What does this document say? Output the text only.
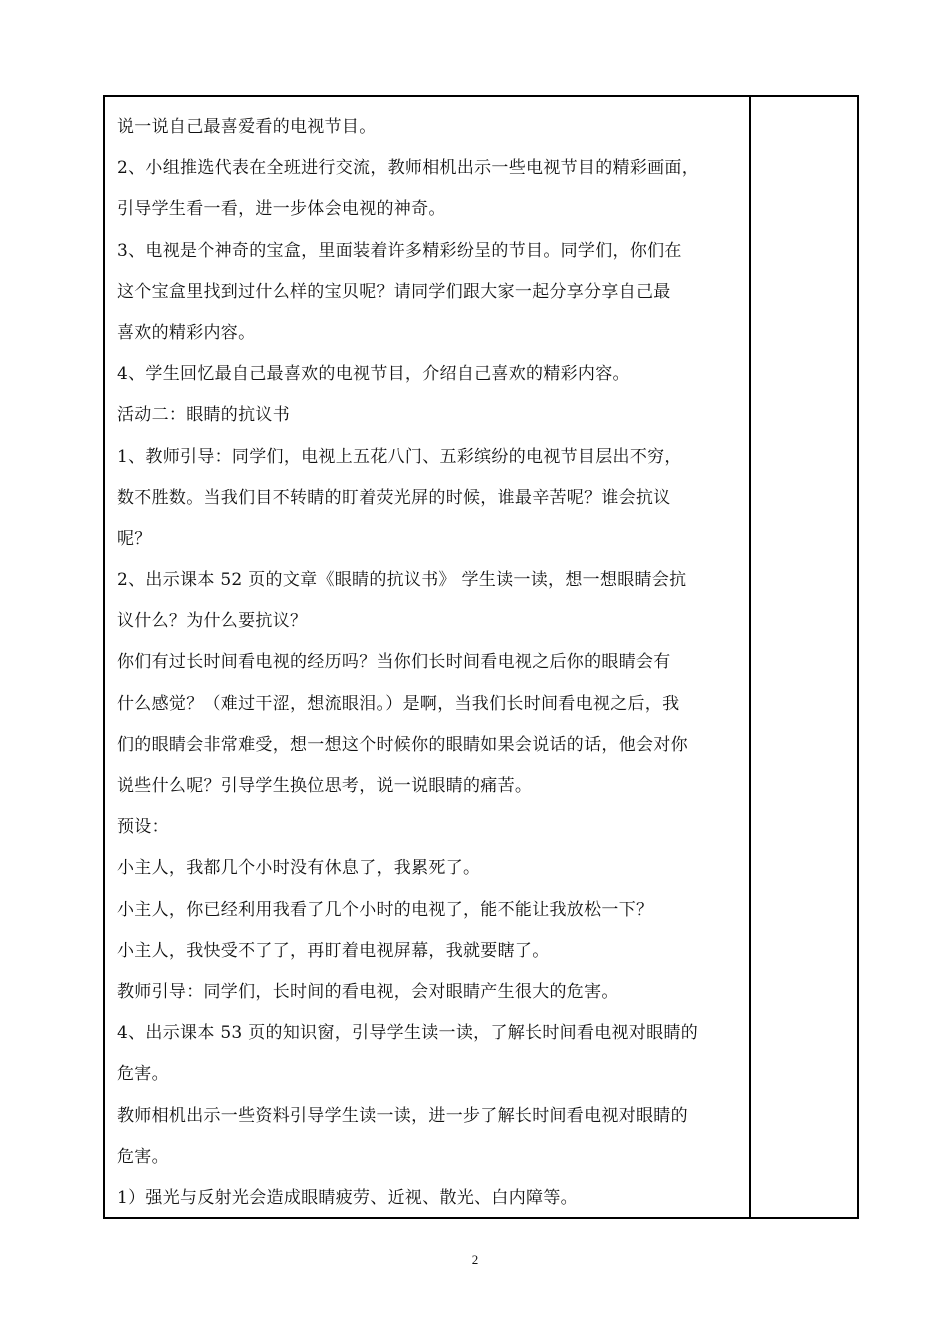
说一说自己最喜爱看的电视节目。
2、小组推选代表在全班进行交流，教师相机出示一些电视节目的精彩画面，
引导学生看一看，进一步体会电视的神奇。
3、电视是个神奇的宝盒，里面装着许多精彩纷呈的节目。同学们，你们在
这个宝盒里找到过什么样的宝贝呢？请同学们跟大家一起分享分享自己最
喜欢的精彩内容。
4、学生回忆最自己最喜欢的电视节目，介绍自己喜欢的精彩内容。
活动二：眼睛的抗议书
1、教师引导：同学们，电视上五花八门、五彩缤纷的电视节目层出不穷，
数不胜数。当我们目不转睛的盯着荧光屏的时候，谁最辛苦呢？谁会抗议
呢？
2、出示课本 52 页的文章《眼睛的抗议书》 学生读一读，想一想眼睛会抗
议什么？为什么要抗议？
你们有过长时间看电视的经历吗？当你们长时间看电视之后你的眼睛会有
什么感觉？（难过干涩，想流眼泪。）是啊，当我们长时间看电视之后，我
们的眼睛会非常难受，想一想这个时候你的眼睛如果会说话的话，他会对你
说些什么呢？引导学生换位思考，说一说眼睛的痛苦。
预设：
小主人，我都几个小时没有休息了，我累死了。
小主人，你已经利用我看了几个小时的电视了，能不能让我放松一下？
小主人，我快受不了了，再盯着电视屏幕，我就要瞎了。
教师引导：同学们，长时间的看电视，会对眼睛产生很大的危害。
4、出示课本 53 页的知识窗，引导学生读一读，了解长时间看电视对眼睛的
危害。
教师相机出示一些资料引导学生读一读，进一步了解长时间看电视对眼睛的
危害。
1）强光与反射光会造成眼睛疲劳、近视、散光、白内障等。
2
